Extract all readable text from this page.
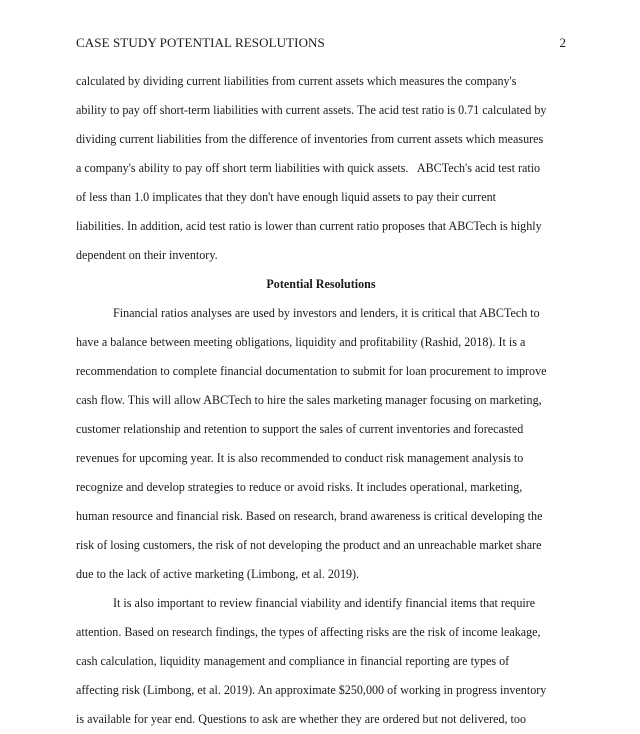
CASE STUDY POTENTIAL RESOLUTIONS	2
calculated by dividing current liabilities from current assets which measures the company's
ability to pay off short-term liabilities with current assets. The acid test ratio is 0.71 calculated by
dividing current liabilities from the difference of inventories from current assets which measures
a company's ability to pay off short term liabilities with quick assets.   ABCTech's acid test ratio
of less than 1.0 implicates that they don't have enough liquid assets to pay their current
liabilities. In addition, acid test ratio is lower than current ratio proposes that ABCTech is highly
dependent on their inventory.
Potential Resolutions
Financial ratios analyses are used by investors and lenders, it is critical that ABCTech to
have a balance between meeting obligations, liquidity and profitability (Rashid, 2018). It is a
recommendation to complete financial documentation to submit for loan procurement to improve
cash flow. This will allow ABCTech to hire the sales marketing manager focusing on marketing,
customer relationship and retention to support the sales of current inventories and forecasted
revenues for upcoming year. It is also recommended to conduct risk management analysis to
recognize and develop strategies to reduce or avoid risks. It includes operational, marketing,
human resource and financial risk. Based on research, brand awareness is critical developing the
risk of losing customers, the risk of not developing the product and an unreachable market share
due to the lack of active marketing (Limbong, et al. 2019).
It is also important to review financial viability and identify financial items that require
attention. Based on research findings, the types of affecting risks are the risk of income leakage,
cash calculation, liquidity management and compliance in financial reporting are types of
affecting risk (Limbong, et al. 2019). An approximate $250,000 of working in progress inventory
is available for year end. Questions to ask are whether they are ordered but not delivered, too
